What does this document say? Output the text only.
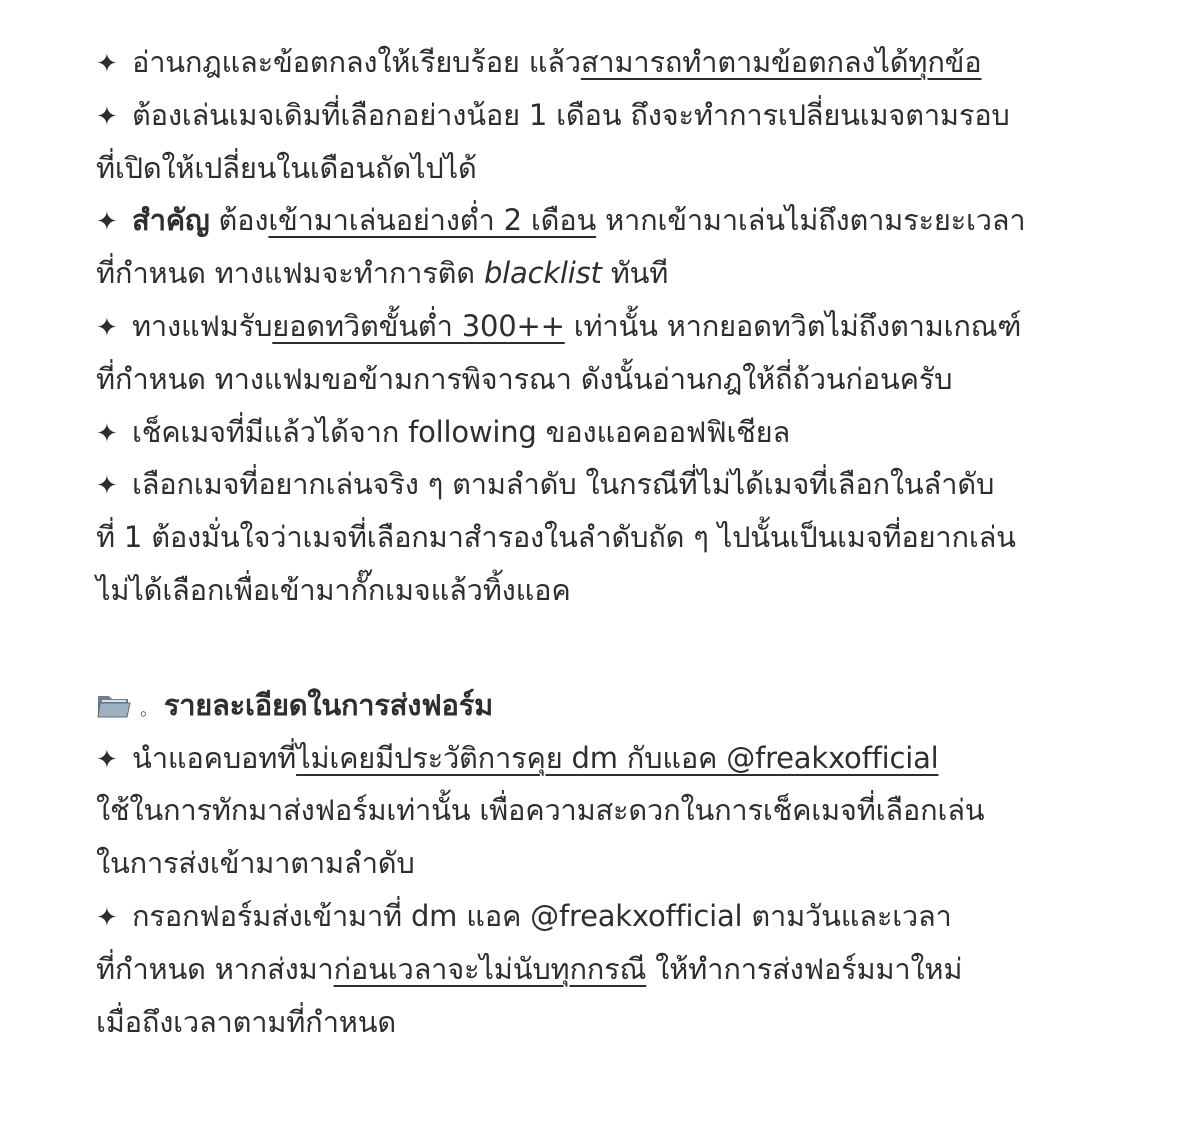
✦ อ่านกฎและข้อตกลงให้เรียบร้อย แล้วสามารถทำตามข้อตกลงได้ทุกข้อ
✦ ต้องเล่นเมจเดิมที่เลือกอย่างน้อย 1 เดือน ถึงจะทำการเปลี่ยนเมจตามรอบ
ที่เปิดให้เปลี่ยนในเดือนถัดไปได้
✦ สำคัญ ต้องเข้ามาเล่นอย่างต่ำ 2 เดือน หากเข้ามาเล่นไม่ถึงตามระยะเวลา
ที่กำหนด ทางแฟมจะทำการติด blacklist ทันที
✦ ทางแฟมรับยอดทวิตขั้นต่ำ 300++ เท่านั้น หากยอดทวิตไม่ถึงตามเกณฑ์
ที่กำหนด ทางแฟมขอข้ามการพิจารณา ดังนั้นอ่านกฎให้ถี่ถ้วนก่อนครับ
✦ เช็คเมจที่มีแล้วได้จาก following ของแอคออฟฟิเชียล
✦ เลือกเมจที่อยากเล่นจริง ๆ ตามลำดับ ในกรณีที่ไม่ได้เมจที่เลือกในลำดับ
ที่ 1 ต้องมั่นใจว่าเมจที่เลือกมาสำรองในลำดับถัด ๆ ไปนั้นเป็นเมจที่อยากเล่น
ไม่ได้เลือกเพื่อเข้ามากั๊กเมจแล้วทิ้งแอค
。 รายละเอียดในการส่งฟอร์ม
✦ นำแอคบอทที่ไม่เคยมีประวัติการคุย dm กับแอค @freakxofficial
ใช้ในการทักมาส่งฟอร์มเท่านั้น เพื่อความสะดวกในการเช็คเมจที่เลือกเล่น
ในการส่งเข้ามาตามลำดับ
✦ กรอกฟอร์มส่งเข้ามาที่ dm แอค @freakxofficial ตามวันและเวลา
ที่กำหนด หากส่งมาก่อนเวลาจะไม่นับทุกกรณี ให้ทำการส่งฟอร์มมาใหม่
เมื่อถึงเวลาตามที่กำหนด
